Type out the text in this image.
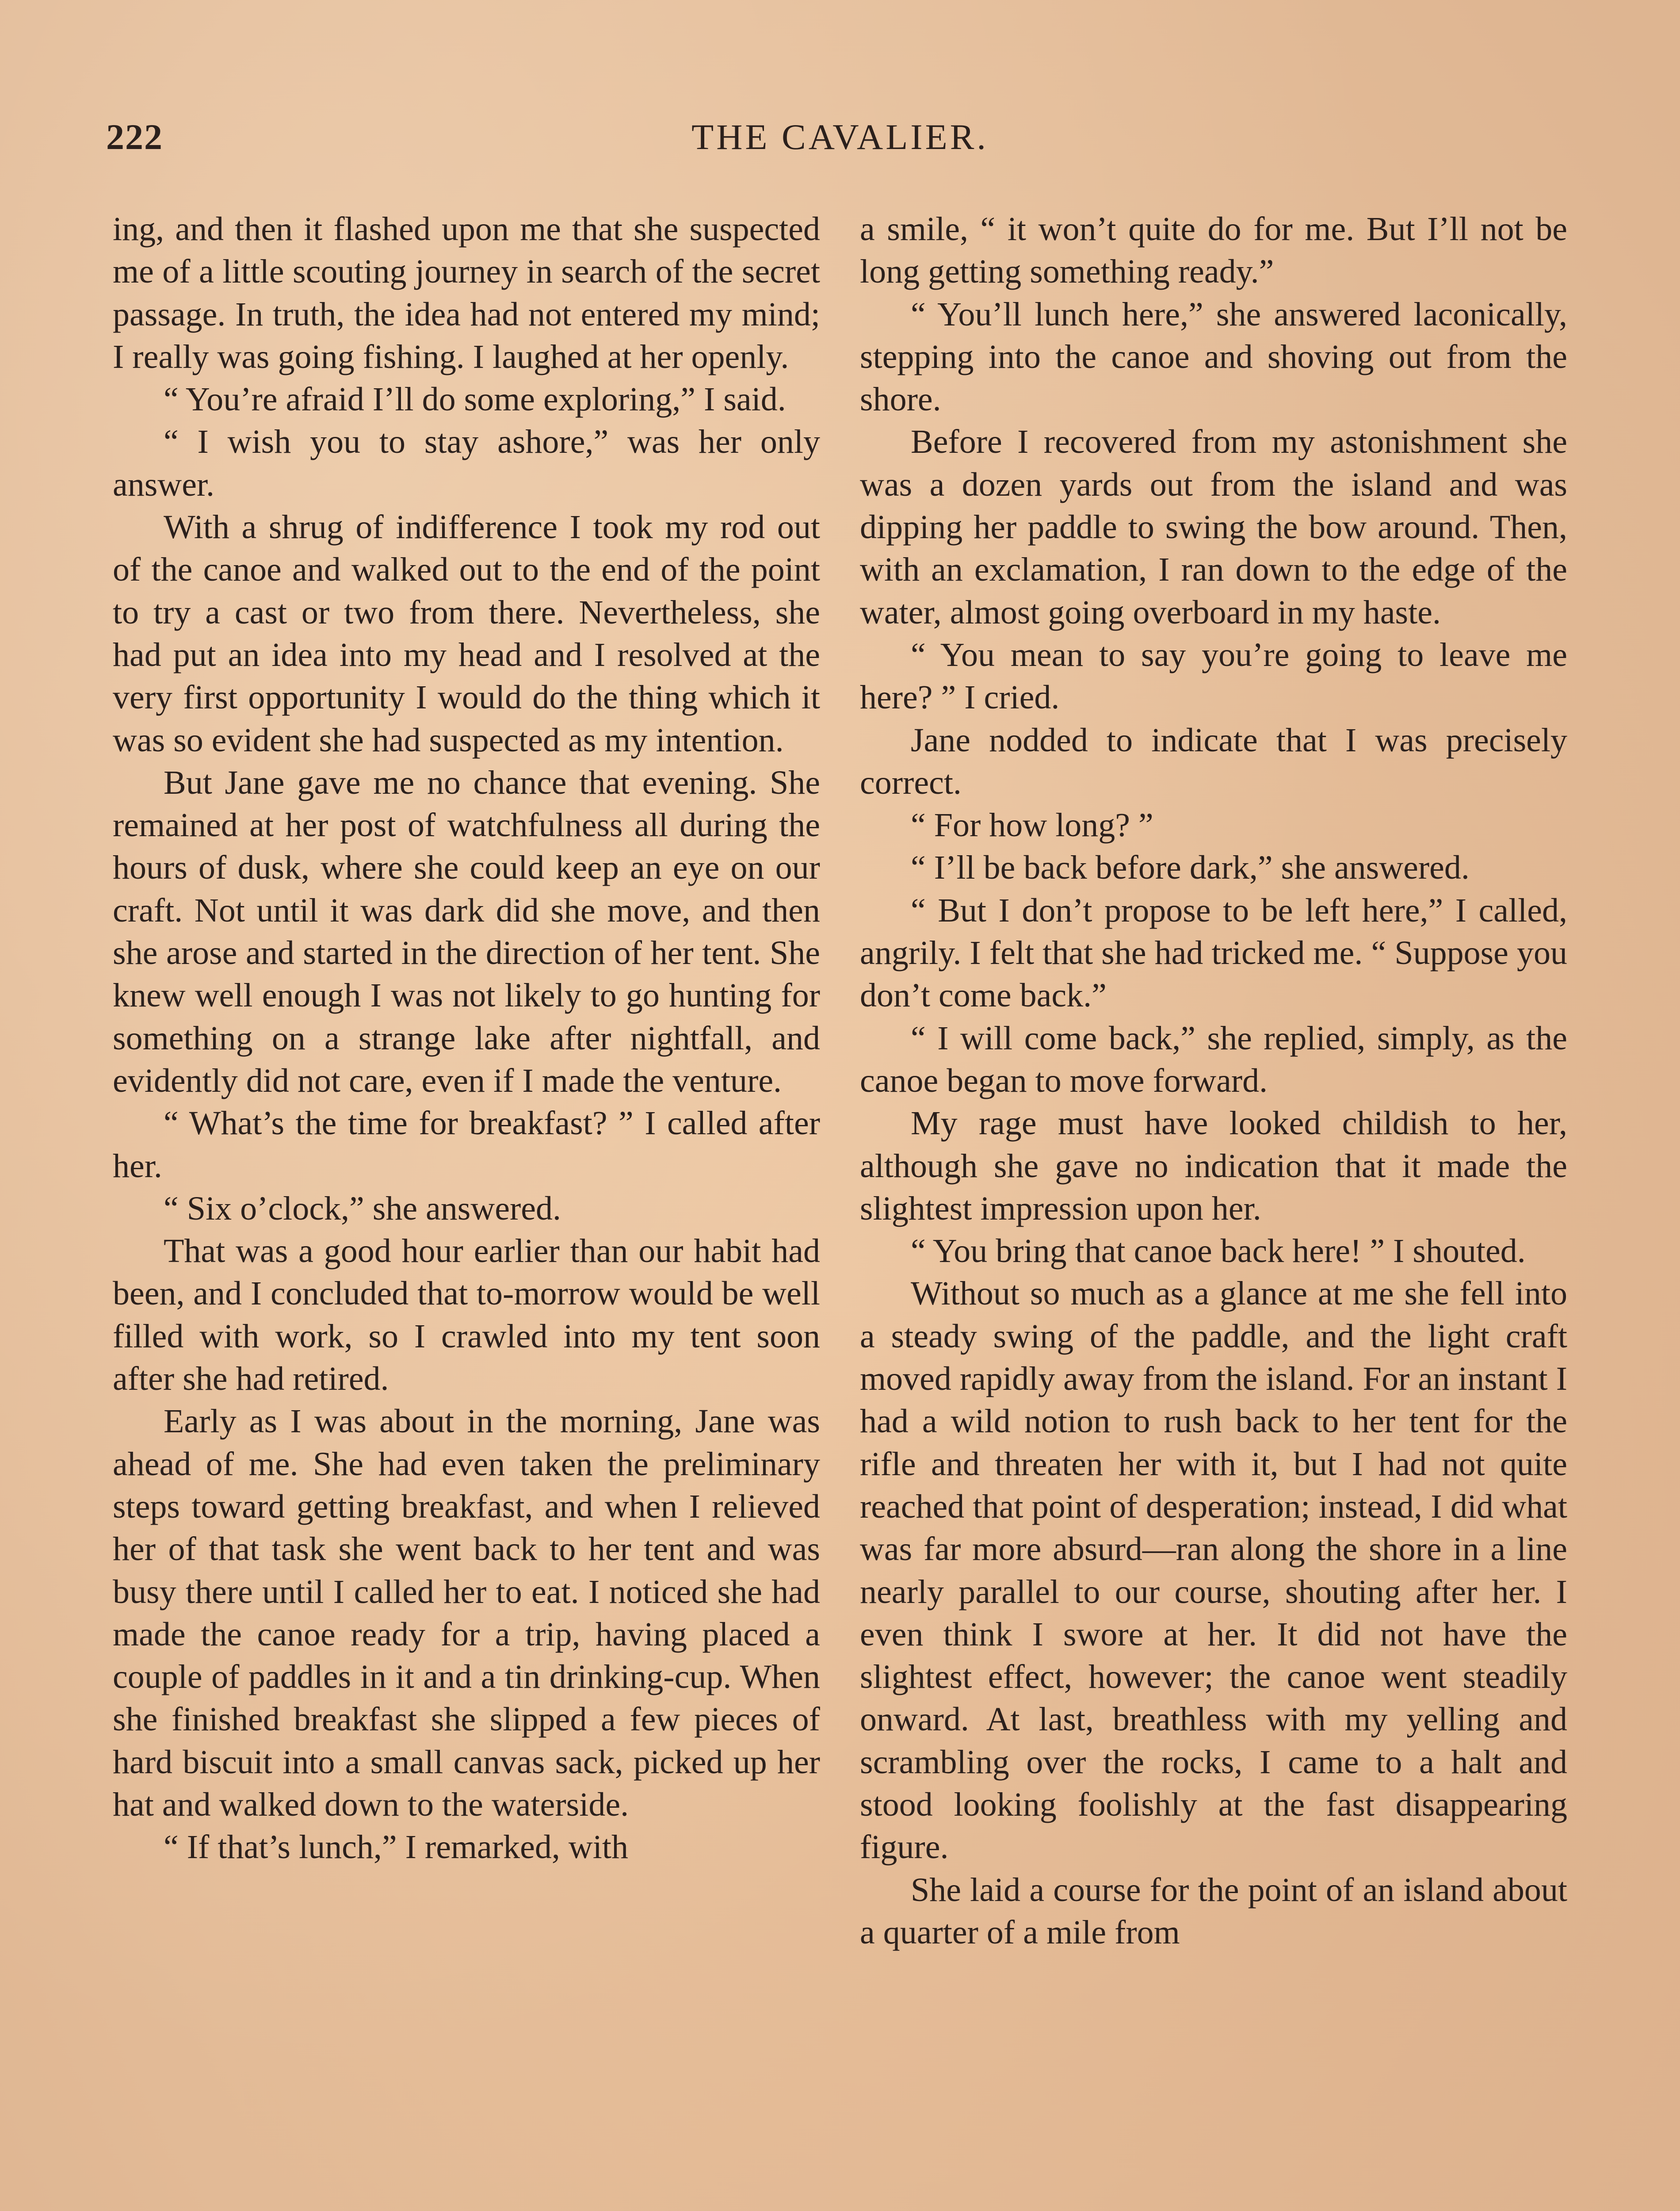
222	THE CAVALIER.

ing, and then it flashed upon me that she suspected me of a little scouting journey in search of the secret passage. In truth, the idea had not entered my mind; I really was going fishing. I laughed at her openly.

“ You’re afraid I’ll do some exploring,” I said.

“ I wish you to stay ashore,” was her only answer.

With a shrug of indifference I took my rod out of the canoe and walked out to the end of the point to try a cast or two from there. Nevertheless, she had put an idea into my head and I resolved at the very first opportunity I would do the thing which it was so evident she had suspected as my intention.

But Jane gave me no chance that evening. She remained at her post of watchfulness all during the hours of dusk, where she could keep an eye on our craft. Not until it was dark did she move, and then she arose and started in the direction of her tent. She knew well enough I was not likely to go hunting for something on a strange lake after nightfall, and evidently did not care, even if I made the venture.

“ What’s the time for breakfast? ” I called after her.

“ Six o’clock,” she answered.

That was a good hour earlier than our habit had been, and I concluded that to-morrow would be well filled with work, so I crawled into my tent soon after she had retired.

Early as I was about in the morning, Jane was ahead of me. She had even taken the preliminary steps toward getting breakfast, and when I relieved her of that task she went back to her tent and was busy there until I called her to eat. I noticed she had made the canoe ready for a trip, having placed a couple of paddles in it and a tin drinking-cup. When she finished breakfast she slipped a few pieces of hard biscuit into a small canvas sack, picked up her hat and walked down to the waterside.

“ If that’s lunch,” I remarked, with

a smile, “ it won’t quite do for me. But I’ll not be long getting something ready.”

“ You’ll lunch here,” she answered laconically, stepping into the canoe and shoving out from the shore.

Before I recovered from my astonishment she was a dozen yards out from the island and was dipping her paddle to swing the bow around. Then, with an exclamation, I ran down to the edge of the water, almost going overboard in my haste.

“ You mean to say you’re going to leave me here? ” I cried.

Jane nodded to indicate that I was precisely correct.

“ For how long? ”

“ I’ll be back before dark,” she answered.

“ But I don’t propose to be left here,” I called, angrily. I felt that she had tricked me. “ Suppose you don’t come back.”

“ I will come back,” she replied, simply, as the canoe began to move forward.

My rage must have looked childish to her, although she gave no indication that it made the slightest impression upon her.

“ You bring that canoe back here! ” I shouted.

Without so much as a glance at me she fell into a steady swing of the paddle, and the light craft moved rapidly away from the island. For an instant I had a wild notion to rush back to her tent for the rifle and threaten her with it, but I had not quite reached that point of desperation; instead, I did what was far more absurd—ran along the shore in a line nearly parallel to our course, shouting after her. I even think I swore at her. It did not have the slightest effect, however; the canoe went steadily onward. At last, breathless with my yelling and scrambling over the rocks, I came to a halt and stood looking foolishly at the fast disappearing figure.

She laid a course for the point of an island about a quarter of a mile from
